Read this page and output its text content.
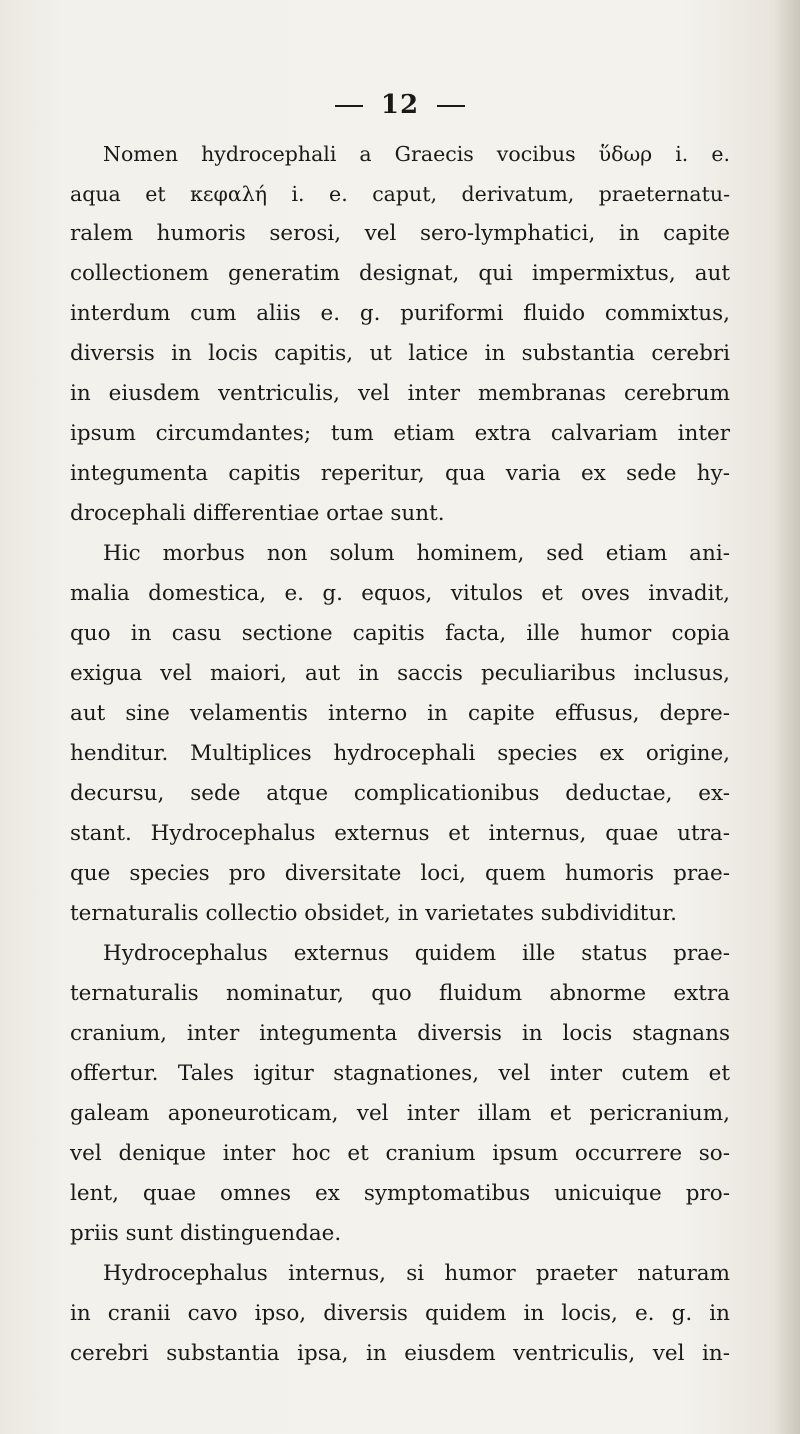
12
Nomen hydrocephali a Graecis vocibus ὕδωρ i. e.
aqua et κεφαλή i. e. caput, derivatum, praeternatu-
ralem humoris serosi, vel sero-lymphatici, in capite
collectionem generatim designat, qui impermixtus, aut
interdum cum aliis e. g. puriformi fluido commixtus,
diversis in locis capitis, ut latice in substantia cerebri
in eiusdem ventriculis, vel inter membranas cerebrum
ipsum circumdantes; tum etiam extra calvariam inter
integumenta capitis reperitur, qua varia ex sede hy-
drocephali differentiae ortae sunt.
Hic morbus non solum hominem, sed etiam ani-
malia domestica, e. g. equos, vitulos et oves invadit,
quo in casu sectione capitis facta, ille humor copia
exigua vel maiori, aut in saccis peculiaribus inclusus,
aut sine velamentis interno in capite effusus, depre-
henditur. Multiplices hydrocephali species ex origine,
decursu, sede atque complicationibus deductae, ex-
stant. Hydrocephalus externus et internus, quae utra-
que species pro diversitate loci, quem humoris prae-
ternaturalis collectio obsidet, in varietates subdividitur.
Hydrocephalus externus quidem ille status prae-
ternaturalis nominatur, quo fluidum abnorme extra
cranium, inter integumenta diversis in locis stagnans
offertur. Tales igitur stagnationes, vel inter cutem et
galeam aponeuroticam, vel inter illam et pericranium,
vel denique inter hoc et cranium ipsum occurrere so-
lent, quae omnes ex symptomatibus unicuique pro-
priis sunt distinguendae.
Hydrocephalus internus, si humor praeter naturam
in cranii cavo ipso, diversis quidem in locis, e. g. in
cerebri substantia ipsa, in eiusdem ventriculis, vel in-
